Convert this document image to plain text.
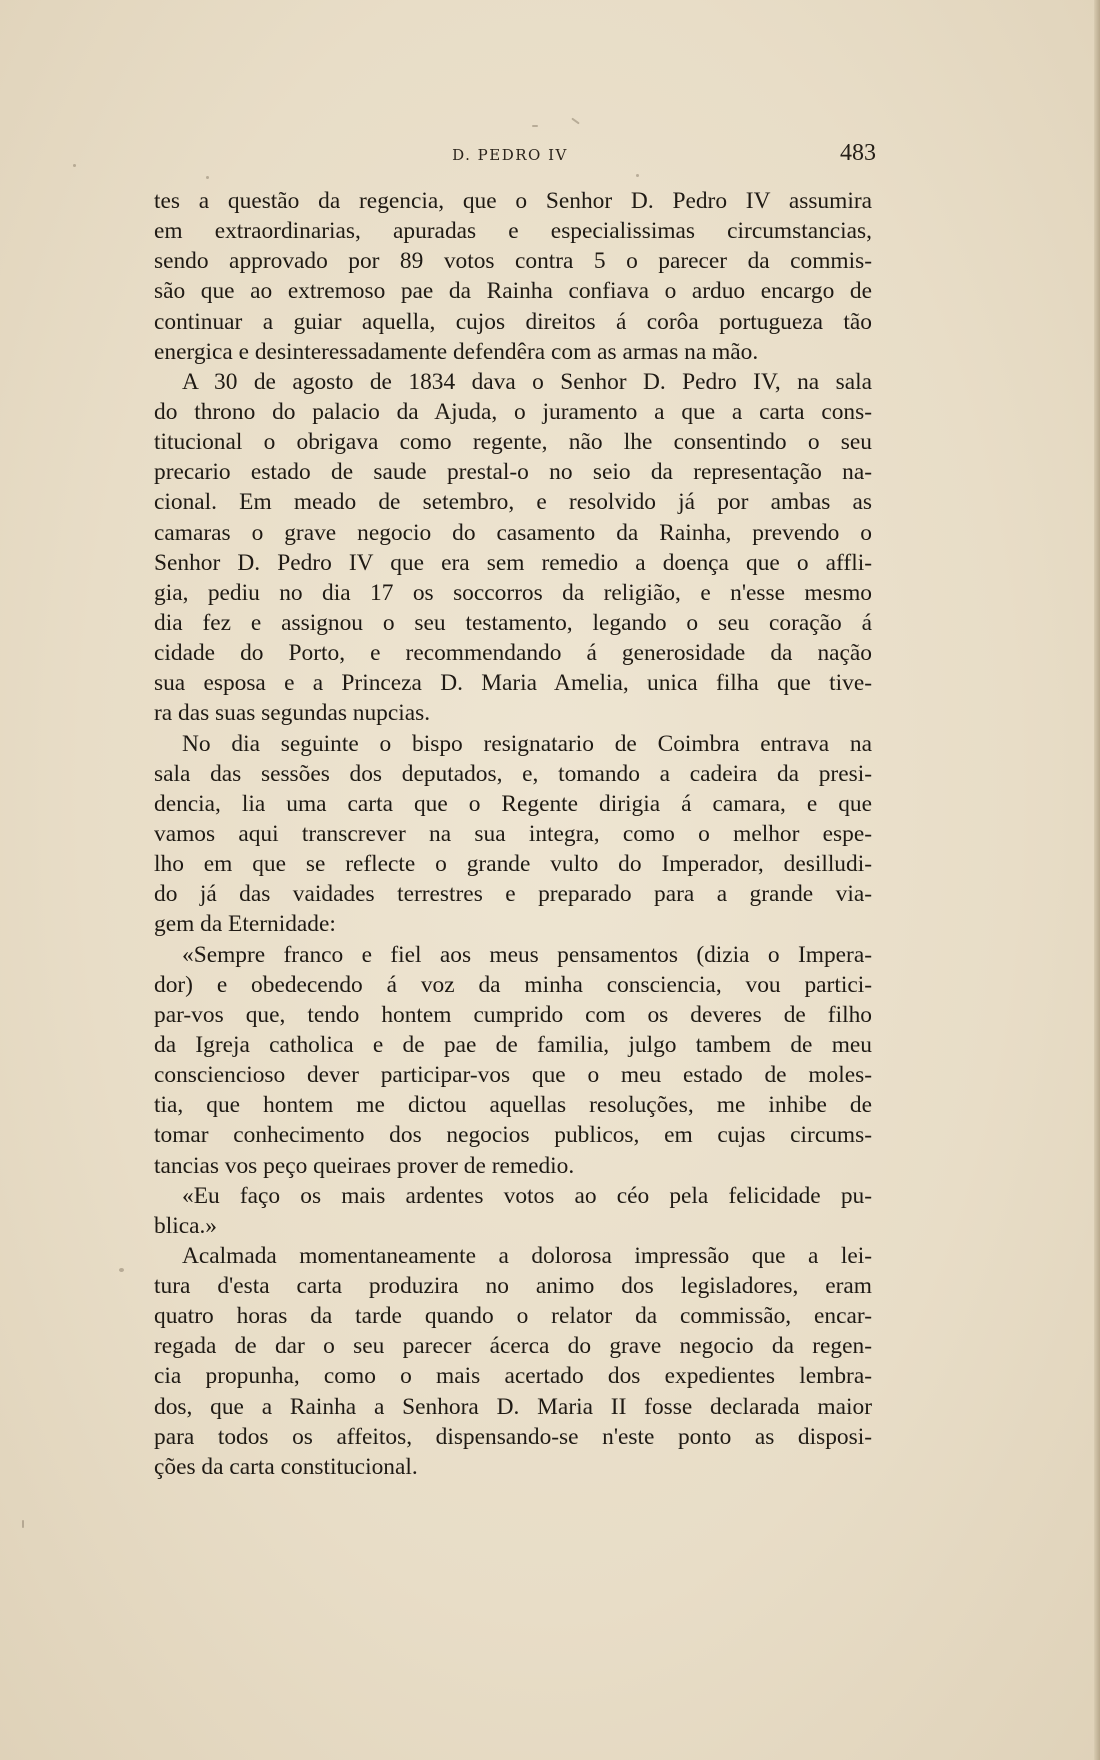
D. PEDRO IV	483
tes a questão da regencia, que o Senhor D. Pedro IV assumira
em extraordinarias, apuradas e especialissimas circumstancias,
sendo approvado por 89 votos contra 5 o parecer da commis-
são que ao extremoso pae da Rainha confiava o arduo encargo de
continuar a guiar aquella, cujos direitos á corôa portugueza tão
energica e desinteressadamente defendêra com as armas na mão.
A 30 de agosto de 1834 dava o Senhor D. Pedro IV, na sala
do throno do palacio da Ajuda, o juramento a que a carta cons-
titucional o obrigava como regente, não lhe consentindo o seu
precario estado de saude prestal-o no seio da representação na-
cional. Em meado de setembro, e resolvido já por ambas as
camaras o grave negocio do casamento da Rainha, prevendo o
Senhor D. Pedro IV que era sem remedio a doença que o affli-
gia, pediu no dia 17 os soccorros da religião, e n'esse mesmo
dia fez e assignou o seu testamento, legando o seu coração á
cidade do Porto, e recommendando á generosidade da nação
sua esposa e a Princeza D. Maria Amelia, unica filha que tive-
ra das suas segundas nupcias.
No dia seguinte o bispo resignatario de Coimbra entrava na
sala das sessões dos deputados, e, tomando a cadeira da presi-
dencia, lia uma carta que o Regente dirigia á camara, e que
vamos aqui transcrever na sua integra, como o melhor espe-
lho em que se reflecte o grande vulto do Imperador, desilludi-
do já das vaidades terrestres e preparado para a grande via-
gem da Eternidade:
«Sempre franco e fiel aos meus pensamentos (dizia o Impera-
dor) e obedecendo á voz da minha consciencia, vou partici-
par-vos que, tendo hontem cumprido com os deveres de filho
da Igreja catholica e de pae de familia, julgo tambem de meu
consciencioso dever participar-vos que o meu estado de moles-
tia, que hontem me dictou aquellas resoluções, me inhibe de
tomar conhecimento dos negocios publicos, em cujas circums-
tancias vos peço queiraes prover de remedio.
«Eu faço os mais ardentes votos ao céo pela felicidade pu-
blica.»
Acalmada momentaneamente a dolorosa impressão que a lei-
tura d'esta carta produzira no animo dos legisladores, eram
quatro horas da tarde quando o relator da commissão, encar-
regada de dar o seu parecer ácerca do grave negocio da regen-
cia propunha, como o mais acertado dos expedientes lembra-
dos, que a Rainha a Senhora D. Maria II fosse declarada maior
para todos os affeitos, dispensando-se n'este ponto as disposi-
ções da carta constitucional.
